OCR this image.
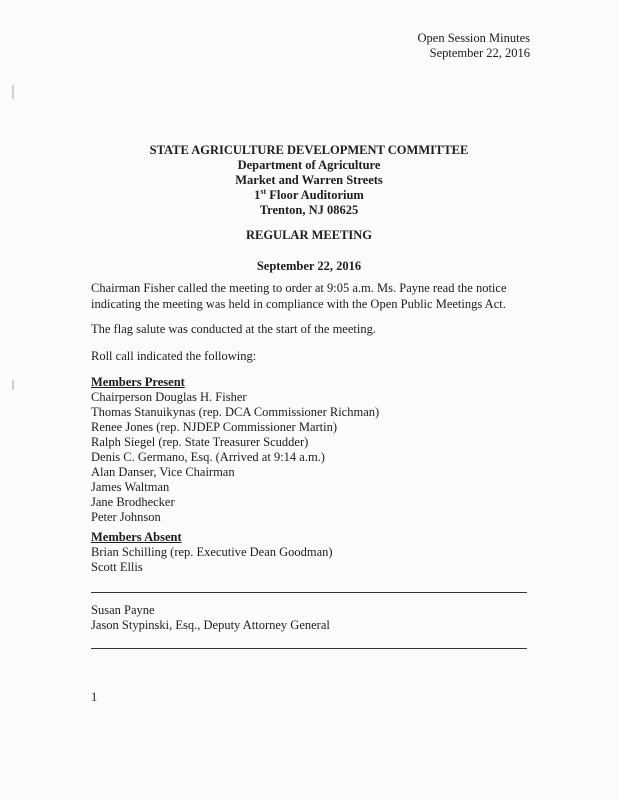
Open Session Minutes
September 22, 2016
STATE AGRICULTURE DEVELOPMENT COMMITTEE
Department of Agriculture
Market and Warren Streets
1st Floor Auditorium
Trenton, NJ 08625
REGULAR MEETING
September 22, 2016
Chairman Fisher called the meeting to order at 9:05 a.m. Ms. Payne read the notice indicating the meeting was held in compliance with the Open Public Meetings Act.
The flag salute was conducted at the start of the meeting.
Roll call indicated the following:
Members Present
Chairperson Douglas H. Fisher
Thomas Stanuikynas (rep. DCA Commissioner Richman)
Renee Jones (rep. NJDEP Commissioner Martin)
Ralph Siegel (rep. State Treasurer Scudder)
Denis C. Germano, Esq. (Arrived at 9:14 a.m.)
Alan Danser, Vice Chairman
James Waltman
Jane Brodhecker
Peter Johnson
Members Absent
Brian Schilling (rep. Executive Dean Goodman)
Scott Ellis
Susan Payne
Jason Stypinski, Esq., Deputy Attorney General
1
